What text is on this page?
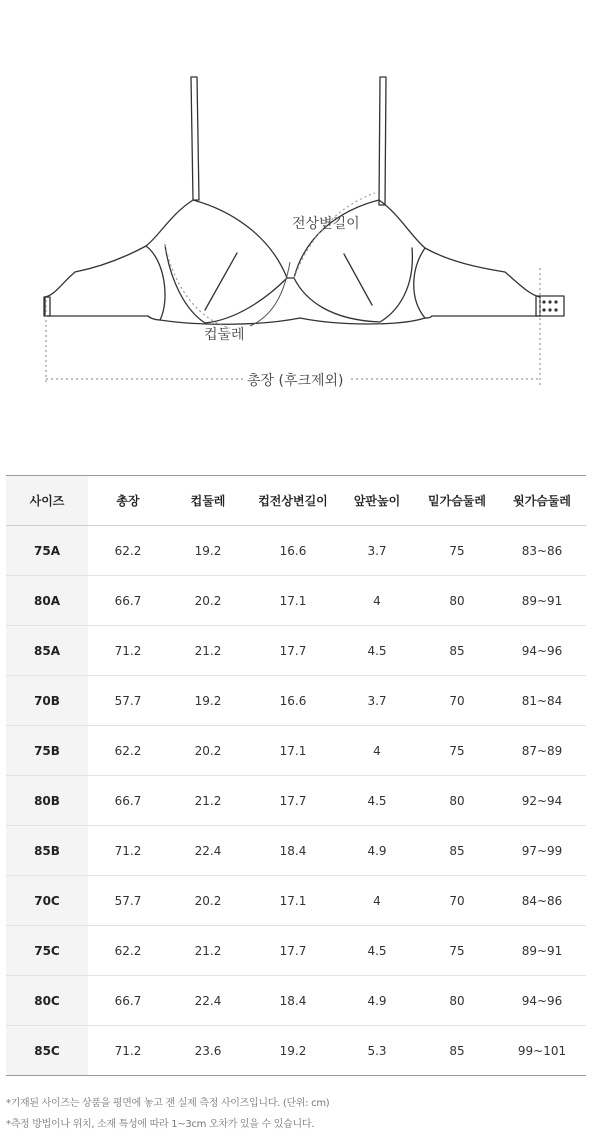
전상변길이
컵둘레
총장 (후크제외)
사이즈	총장	컵둘레	컵전상변길이	앞판높이	밑가슴둘레	윗가슴둘레
75A	62.2	19.2	16.6	3.7	75	83~86
80A	66.7	20.2	17.1	4	80	89~91
85A	71.2	21.2	17.7	4.5	85	94~96
70B	57.7	19.2	16.6	3.7	70	81~84
75B	62.2	20.2	17.1	4	75	87~89
80B	66.7	21.2	17.7	4.5	80	92~94
85B	71.2	22.4	18.4	4.9	85	97~99
70C	57.7	20.2	17.1	4	70	84~86
75C	62.2	21.2	17.7	4.5	75	89~91
80C	66.7	22.4	18.4	4.9	80	94~96
85C	71.2	23.6	19.2	5.3	85	99~101
*기재된 사이즈는 상품을 평면에 놓고 잰 실제 측정 사이즈입니다. (단위: cm)
*측정 방법이나 위치, 소재 특성에 따라 1~3cm 오차가 있을 수 있습니다.
